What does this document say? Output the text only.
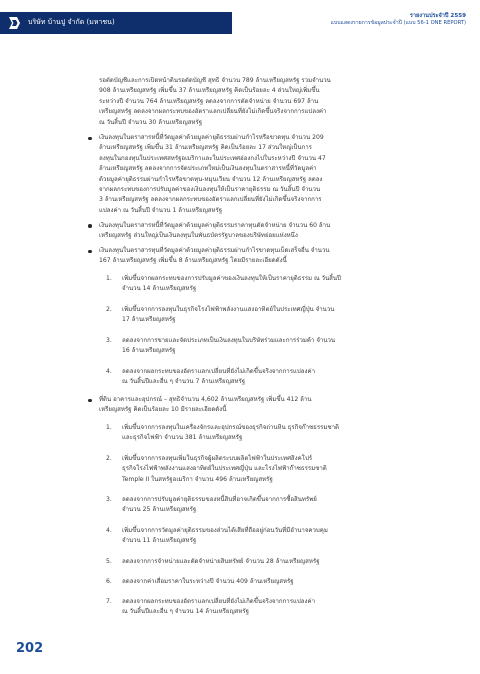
บริษัท บ้านปู จำกัด (มหาชน)
รายงานประจำปี 2559
แบบแสดงรายการข้อมูลประจำปี (แบบ 56-1 ONE REPORT)

รอตัดบัญชีและการเปิดหน้าดินรอตัดบัญชี สุทธิ จำนวน 789 ล้านเหรียญสหรัฐ รวมจำนวน

908 ล้านเหรียญสหรัฐ เพิ่มขึ้น 37 ล้านเหรียญสหรัฐ คิดเป็นร้อยละ 4 ส่วนใหญ่เพิ่มขึ้น

ระหว่างปี จำนวน 764 ล้านเหรียญสหรัฐ ลดลงจากการตัดจำหน่าย จำนวน 697 ล้าน

เหรียญสหรัฐ ลดลงจากผลกระทบของอัตราแลกเปลี่ยนที่ยังไม่เกิดขึ้นจริงจากการแปลงค่า

ณ วันสิ้นปี จำนวน 30 ล้านเหรียญสหรัฐ

เงินลงทุนในตราสารหนี้ที่วัดมูลค่าด้วยมูลค่ายุติธรรมผ่านกำไรหรือขาดทุน จำนวน 209

ล้านเหรียญสหรัฐ เพิ่มขึ้น 31 ล้านเหรียญสหรัฐ คิดเป็นร้อยละ 17 ส่วนใหญ่เป็นการ

ลงทุนในกองทุนในประเทศสหรัฐอเมริกาและในประเทศฮ่องกงไปในระหว่างปี จำนวน 47

ล้านเหรียญสหรัฐ ลดลงจากการจัดประเภทใหม่เป็นเงินลงทุนในตราสารหนี้ที่วัดมูลค่า

ด้วยมูลค่ายุติธรรมผ่านกำไรหรือขาดทุน-หมุนเวียน จำนวน 12 ล้านเหรียญสหรัฐ ลดลง

จากผลกระทบของการปรับมูลค่าของเงินลงทุนให้เป็นราคายุติธรรม ณ วันสิ้นปี จำนวน

3 ล้านเหรียญสหรัฐ ลดลงจากผลกระทบของอัตราแลกเปลี่ยนที่ยังไม่เกิดขึ้นจริงจากการ

แปลงค่า ณ วันสิ้นปี จำนวน 1 ล้านเหรียญสหรัฐ

เงินลงทุนในตราสารหนี้ที่วัดมูลค่าด้วยมูลค่ายุติธรรมราคาทุนตัดจำหน่าย จำนวน 60 ล้าน

เหรียญสหรัฐ ส่วนใหญ่เป็นเงินลงทุนในพันธบัตรรัฐบาลของบริษัทย่อยแห่งหนึ่ง

เงินลงทุนในตราสารทุนที่วัดมูลค่าด้วยมูลค่ายุติธรรมผ่านกำไรขาดทุนเบ็ดเสร็จอื่น จำนวน

167 ล้านเหรียญสหรัฐ เพิ่มขึ้น 8 ล้านเหรียญสหรัฐ โดยมีรายละเอียดดังนี้

1. เพิ่มขึ้นจากผลกระทบของการปรับมูลค่าของเงินลงทุนให้เป็นราคายุติธรรม ณ วันสิ้นปี

จำนวน 14 ล้านเหรียญสหรัฐ

2. เพิ่มขึ้นจากการลงทุนในธุรกิจโรงไฟฟ้าพลังงานแสงอาทิตย์ในประเทศญี่ปุ่น จำนวน

17 ล้านเหรียญสหรัฐ

3. ลดลงจากการขายและจัดประเภทเป็นเงินลงทุนในบริษัทร่วมและการร่วมค้า จำนวน

16 ล้านเหรียญสหรัฐ

4. ลดลงจากผลกระทบของอัตราแลกเปลี่ยนที่ยังไม่เกิดขึ้นจริงจากการแปลงค่า

ณ วันสิ้นปีและอื่น ๆ จำนวน 7 ล้านเหรียญสหรัฐ

ที่ดิน อาคารและอุปกรณ์ – สุทธิจำนวน 4,602 ล้านเหรียญสหรัฐ เพิ่มขึ้น 412 ล้าน

เหรียญสหรัฐ คิดเป็นร้อยละ 10 มีรายละเอียดดังนี้

1. เพิ่มขึ้นจากการลงทุนในเครื่องจักรและอุปกรณ์ของธุรกิจถ่านหิน ธุรกิจก๊าซธรรมชาติ

และธุรกิจไฟฟ้า จำนวน 381 ล้านเหรียญสหรัฐ

2. เพิ่มขึ้นจากการลงทุนเพิ่มในธุรกิจผู้ผลิตระบบผลิตไฟฟ้าในประเทศสิงคโปร์

ธุรกิจโรงไฟฟ้าพลังงานแสงอาทิตย์ในประเทศญี่ปุ่น และโรงไฟฟ้าก๊าซธรรมชาติ

Temple II ในสหรัฐอเมริกา จำนวน 496 ล้านเหรียญสหรัฐ

3. ลดลงจากการปรับมูลค่ายุติธรรมของหนี้สินที่อาจเกิดขึ้นจากการซื้อสินทรัพย์

จำนวน 25 ล้านเหรียญสหรัฐ

4. เพิ่มขึ้นจากการวัดมูลค่ายุติธรรมของส่วนได้เสียที่ถืออยู่ก่อนวันที่มีอำนาจควบคุม

จำนวน 11 ล้านเหรียญสหรัฐ

5. ลดลงจากการจำหน่ายและตัดจำหน่ายสินทรัพย์ จำนวน 28 ล้านเหรียญสหรัฐ

6. ลดลงจากค่าเสื่อมราคาในระหว่างปี จำนวน 409 ล้านเหรียญสหรัฐ

7. ลดลงจากผลกระทบของอัตราแลกเปลี่ยนที่ยังไม่เกิดขึ้นจริงจากการแปลงค่า

ณ วันสิ้นปีและอื่น ๆ จำนวน 14 ล้านเหรียญสหรัฐ

202
